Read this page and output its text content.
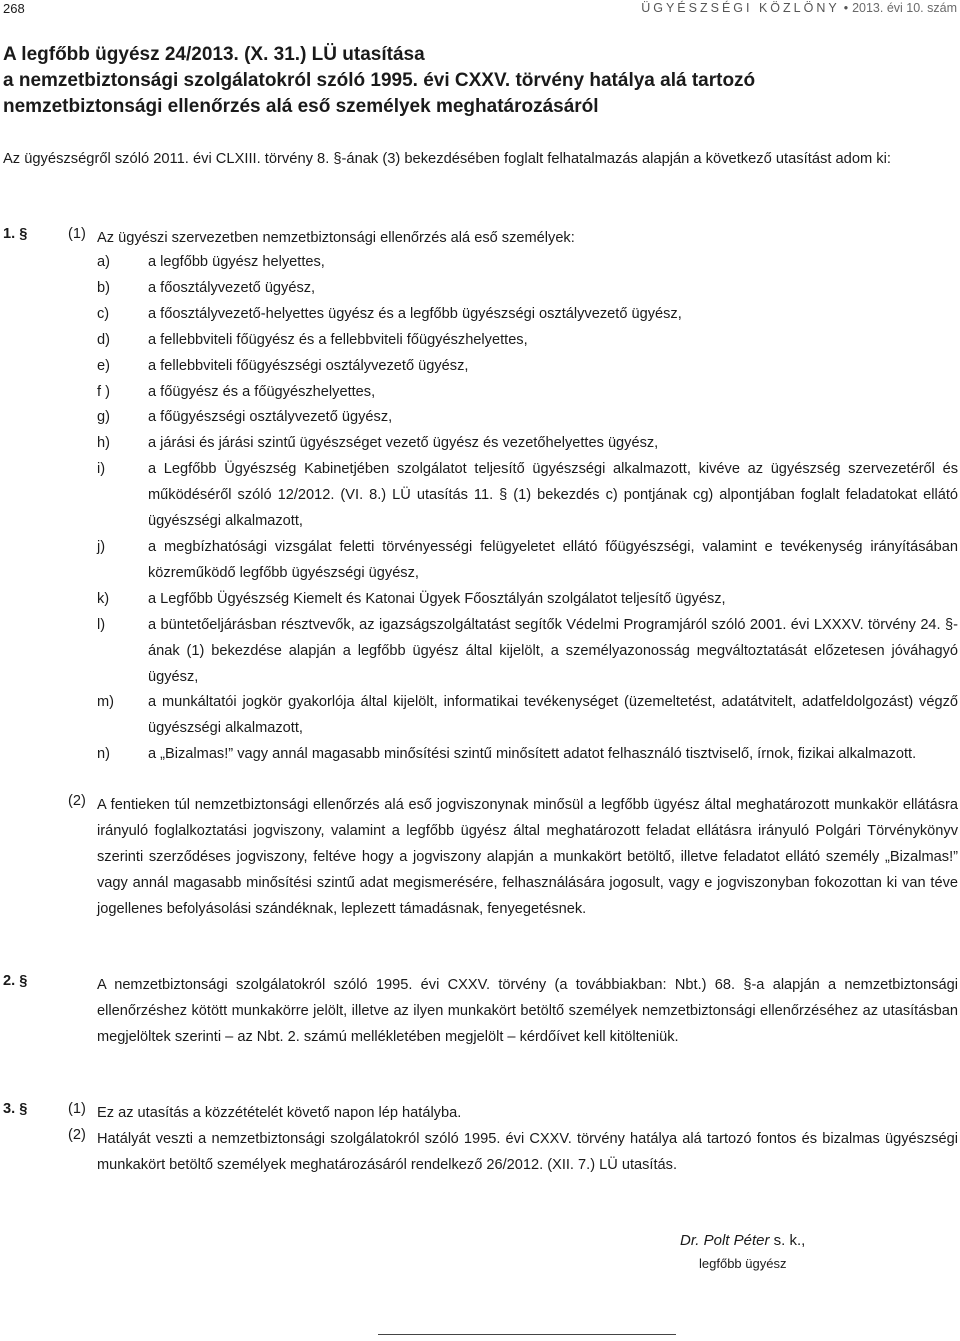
268	ÜGYÉSZSÉGI KÖZLÖNY • 2013. évi 10. szám
A legfőbb ügyész 24/2013. (X. 31.) LÜ utasítása
a nemzetbiztonsági szolgálatokról szóló 1995. évi CXXV. törvény hatálya alá tartozó
nemzetbiztonsági ellenőrzés alá eső személyek meghatározásáról
Az ügyészségről szóló 2011. évi CLXIII. törvény 8. §-ának (3) bekezdésében foglalt felhatalmazás alapján a következő utasítást adom ki:
1. §	(1) Az ügyészi szervezetben nemzetbiztonsági ellenőrzés alá eső személyek:
a)	a legfőbb ügyész helyettes,
b)	a főosztályvezető ügyész,
c)	a főosztályvezető-helyettes ügyész és a legfőbb ügyészségi osztályvezető ügyész,
d)	a fellebbviteli főügyész és a fellebbviteli főügyészhelyettes,
e)	a fellebbviteli főügyészségi osztályvezető ügyész,
f )	a főügyész és a főügyészhelyettes,
g)	a főügyészségi osztályvezető ügyész,
h)	a járási és járási szintű ügyészséget vezető ügyész és vezetőhelyettes ügyész,
i)	a Legfőbb Ügyészség Kabinetjében szolgálatot teljesítő ügyészségi alkalmazott, kivéve az ügyészség szervezetéről és működéséről szóló 12/2012. (VI. 8.) LÜ utasítás 11. § (1) bekezdés c) pontjának cg) alpontjában foglalt feladatokat ellátó ügyészségi alkalmazott,
j)	a megbízhatósági vizsgálat feletti törvényességi felügyeletet ellátó főügyészségi, valamint e tevékenység irányításában közreműködő legfőbb ügyészségi ügyész,
k)	a Legfőbb Ügyészség Kiemelt és Katonai Ügyek Főosztályán szolgálatot teljesítő ügyész,
l)	a büntetőeljárásban résztvevők, az igazságszolgáltatást segítők Védelmi Programjáról szóló 2001. évi LXXXV. törvény 24. §-ának (1) bekezdése alapján a legfőbb ügyész által kijelölt, a személyazonosság megváltoztatását előzetesen jóváhagyó ügyész,
m) a munkáltatói jogkör gyakorlója által kijelölt, informatikai tevékenységet (üzemeltetést, adatátvitelt, adatfeldolgozást) végző ügyészségi alkalmazott,
n)	a „Bizalmas!” vagy annál magasabb minősítési szintű minősített adatot felhasználó tisztviselő, írnok, fizikai alkalmazott.
(2) A fentieken túl nemzetbiztonsági ellenőrzés alá eső jogviszonynak minősül a legfőbb ügyész által meghatározott munkakör ellátásra irányuló foglalkoztatási jogviszony, valamint a legfőbb ügyész által meghatározott feladat ellátásra irányuló Polgári Törvénykönyv szerinti szerződéses jogviszony, feltéve hogy a jogviszony alapján a munkakört betöltő, illetve feladatot ellátó személy „Bizalmas!” vagy annál magasabb minősítési szintű adat megismerésére, felhasználására jogosult, vagy e jogviszonyban fokozottan ki van téve jogellenes befolyásolási szándéknak, leplezett támadásnak, fenyegetésnek.
2. §	A nemzetbiztonsági szolgálatokról szóló 1995. évi CXXV. törvény (a továbbiakban: Nbt.) 68. §-a alapján a nemzetbiztonsági ellenőrzéshez kötött munkakörre jelölt, illetve az ilyen munkakört betöltő személyek nemzetbiztonsági ellenőrzéséhez az utasításban megjelöltek szerinti – az Nbt. 2. számú mellékletében megjelölt – kérdőívet kell kitölteniük.
3. §	(1) Ez az utasítás a közzétételét követő napon lép hatályba.
(2) Hatályát veszti a nemzetbiztonsági szolgálatokról szóló 1995. évi CXXV. törvény hatálya alá tartozó fontos és bizalmas ügyészségi munkakört betöltő személyek meghatározásáról rendelkező 26/2012. (XII. 7.) LÜ utasítás.
Dr. Polt Péter s. k.,
legfőbb ügyész
